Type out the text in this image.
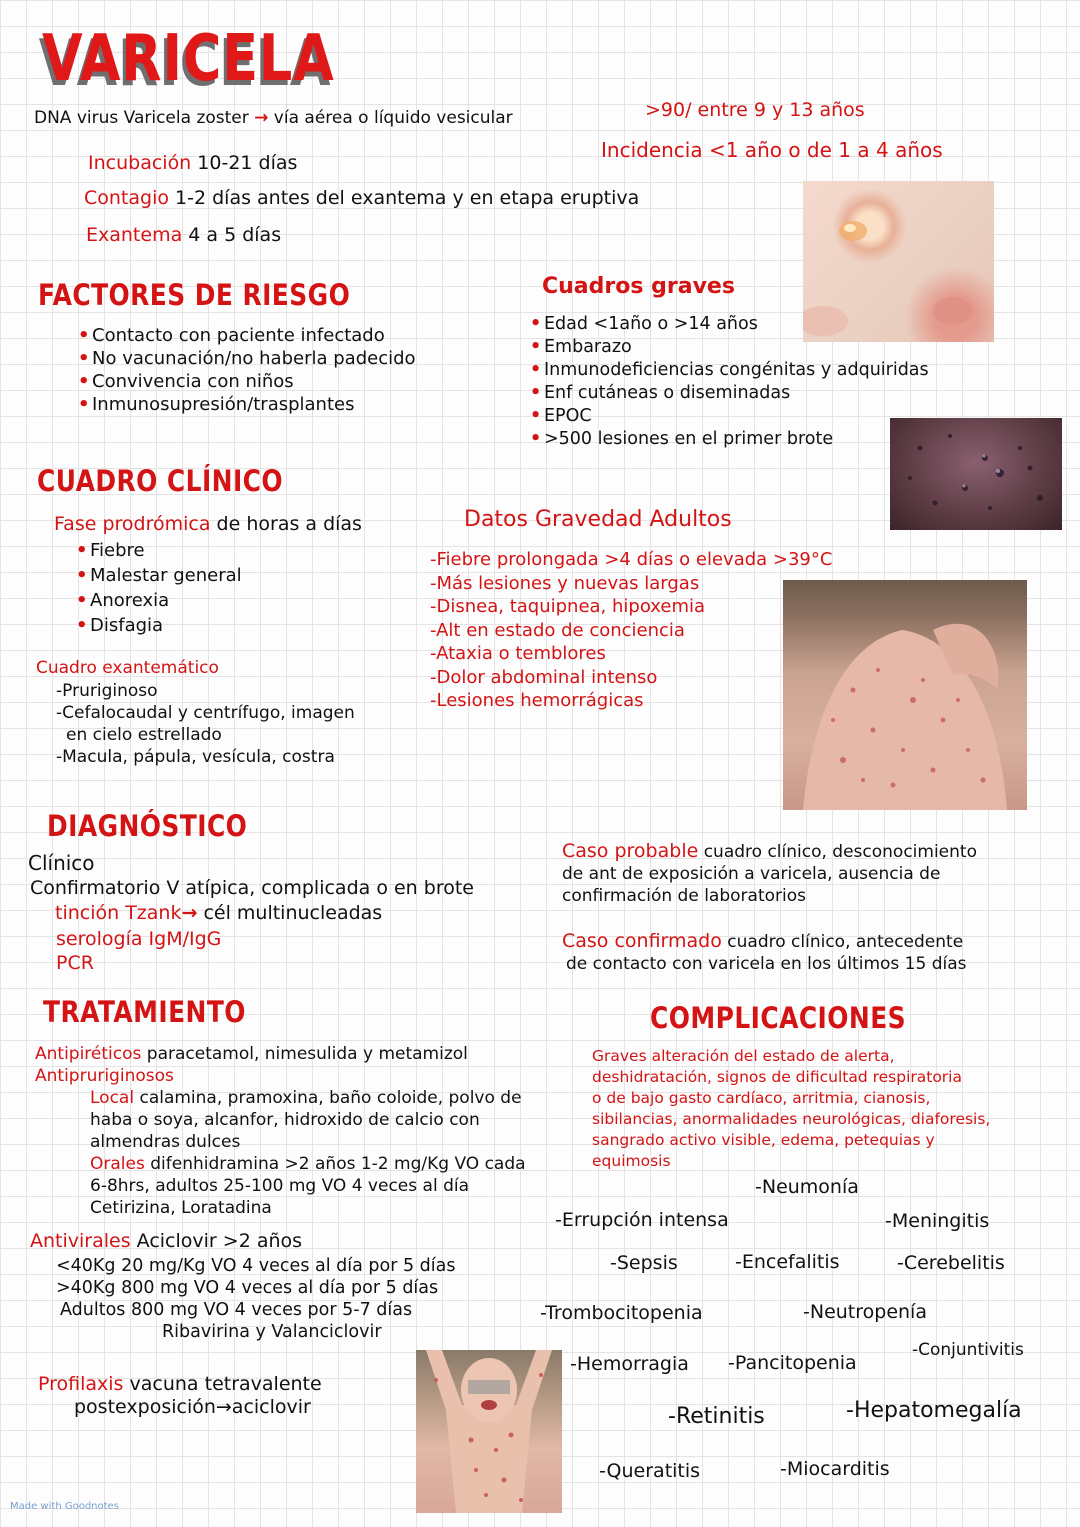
VARICELA
DNA virus Varicela zoster → vía aérea o líquido vesicular	>90/ entre 9 y 13 años
Incidencia <1 año o de 1 a 4 años
Incubación 10-21 días
Contagio 1-2 días antes del exantema y en etapa eruptiva
Exantema 4 a 5 días
FACTORES DE RIESGO
• Contacto con paciente infectado
• No vacunación/no haberla padecido
• Convivencia con niños
• Inmunosupresión/trasplantes
Cuadros graves
• Edad <1año o >14 años
• Embarazo
• Inmunodeficiencias congénitas y adquiridas
• Enf cutáneas o diseminadas
• EPOC
• >500 lesiones en el primer brote
CUADRO CLÍNICO
Fase prodrómica de horas a días
• Fiebre
• Malestar general
• Anorexia
• Disfagia
Cuadro exantemático
-Pruriginoso
-Cefalocaudal y centrífugo, imagen
en cielo estrellado
-Macula, pápula, vesícula, costra
Datos Gravedad Adultos
-Fiebre prolongada >4 días o elevada >39°C
-Más lesiones y nuevas largas
-Disnea, taquipnea, hipoxemia
-Alt en estado de conciencia
-Ataxia o temblores
-Dolor abdominal intenso
-Lesiones hemorrágicas
DIAGNÓSTICO
Clínico
Confirmatorio V atípica, complicada o en brote
tinción Tzank→ cél multinucleadas
serología IgM/IgG
PCR
Caso probable cuadro clínico, desconocimiento
de ant de exposición a varicela, ausencia de
confirmación de laboratorios
Caso confirmado cuadro clínico, antecedente
de contacto con varicela en los últimos 15 días
TRATAMIENTO
Antipiréticos paracetamol, nimesulida y metamizol
Antipruriginosos
Local calamina, pramoxina, baño coloide, polvo de
haba o soya, alcanfor, hidroxido de calcio con
almendras dulces
Orales difenhidramina >2 años 1-2 mg/Kg VO cada
6-8hrs, adultos 25-100 mg VO 4 veces al día
Cetirizina, Loratadina
Antivirales Aciclovir >2 años
<40Kg 20 mg/Kg VO 4 veces al día por 5 días
>40Kg 800 mg VO 4 veces al día por 5 días
Adultos 800 mg VO 4 veces por 5-7 días
Ribavirina y Valanciclovir
Profilaxis vacuna tetravalente
postexposición→aciclovir
COMPLICACIONES
Graves alteración del estado de alerta,
deshidratación, signos de dificultad respiratoria
o de bajo gasto cardíaco, arritmia, cianosis,
sibilancias, anormalidades neurológicas, diaforesis,
sangrado activo visible, edema, petequias y
equimosis
-Neumonía
-Errupción intensa	-Meningitis
-Sepsis	-Encefalitis	-Cerebelitis
-Trombocitopenia	-Neutropenía
-Conjuntivitis
-Hemorragia -Pancitopenia
-Retinitis	-Hepatomegalía
-Queratitis	-Miocarditis
Made with Goodnotes
